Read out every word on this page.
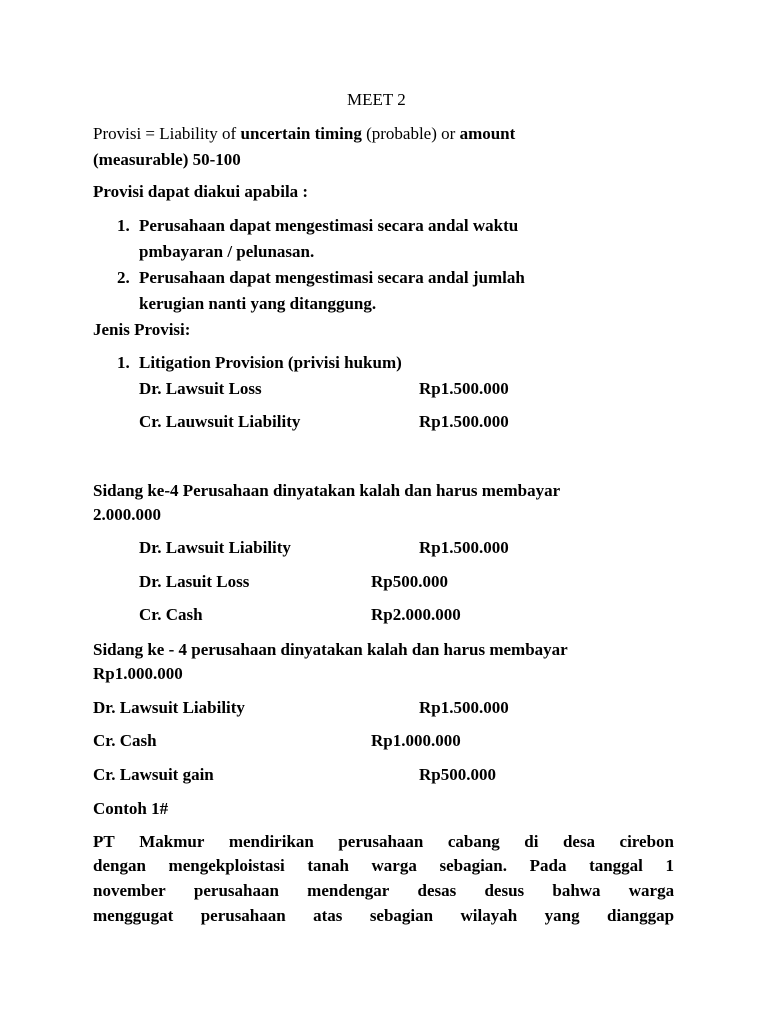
MEET 2
Provisi = Liability of uncertain timing (probable) or amount
(measurable) 50-100
Provisi dapat diakui apabila :
1. Perusahaan dapat mengestimasi secara andal waktu
pmbayaran / pelunasan.
2. Perusahaan dapat mengestimasi secara andal jumlah
kerugian nanti yang ditanggung.
Jenis Provisi:
1. Litigation Provision (privisi hukum)
Dr. Lawsuit Loss	Rp1.500.000
Cr. Lauwsuit Liability	Rp1.500.000
Sidang ke-4 Perusahaan dinyatakan kalah dan harus membayar
2.000.000
Dr. Lawsuit Liability	Rp1.500.000
Dr. Lasuit Loss	Rp500.000
Cr. Cash	Rp2.000.000
Sidang ke - 4 perusahaan dinyatakan kalah dan harus membayar
Rp1.000.000
Dr. Lawsuit Liability	Rp1.500.000
Cr. Cash	Rp1.000.000
Cr. Lawsuit gain	Rp500.000
Contoh 1#
PT Makmur mendirikan perusahaan cabang di desa cirebon
dengan mengekploistasi tanah warga sebagian. Pada tanggal 1
november perusahaan mendengar desas desus bahwa warga
menggugat perusahaan atas sebagian wilayah yang dianggap
